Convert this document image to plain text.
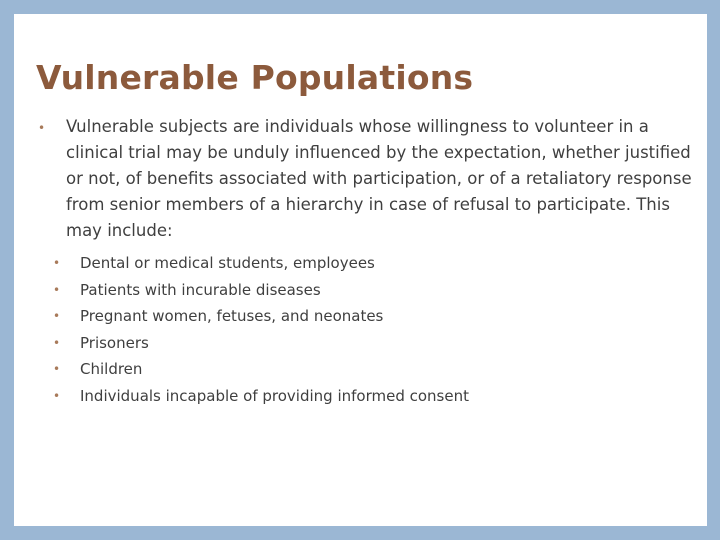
Vulnerable Populations
• Vulnerable subjects are individuals whose willingness to volunteer in a clinical trial may be unduly influenced by the expectation, whether justified or not, of benefits associated with participation, or of a retaliatory response from senior members of a hierarchy in case of refusal to participate. This may include:
• Dental or medical students, employees
• Patients with incurable diseases
• Pregnant women, fetuses, and neonates
• Prisoners
• Children
• Individuals incapable of providing informed consent
